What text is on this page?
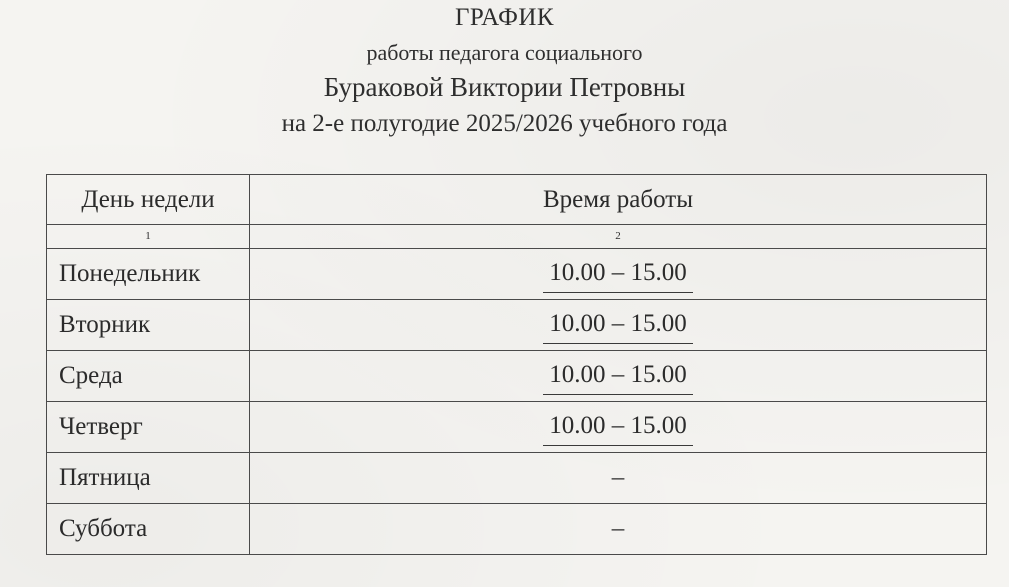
ГРАФИК
работы педагога социального
Бураковой Виктории Петровны
на 2-е полугодие 2025/2026 учебного года
День недели	Время работы
1	2
Понедельник	10.00 – 15.00
Вторник	10.00 – 15.00
Среда	10.00 – 15.00
Четверг	10.00 – 15.00
Пятница	–
Суббота	–
